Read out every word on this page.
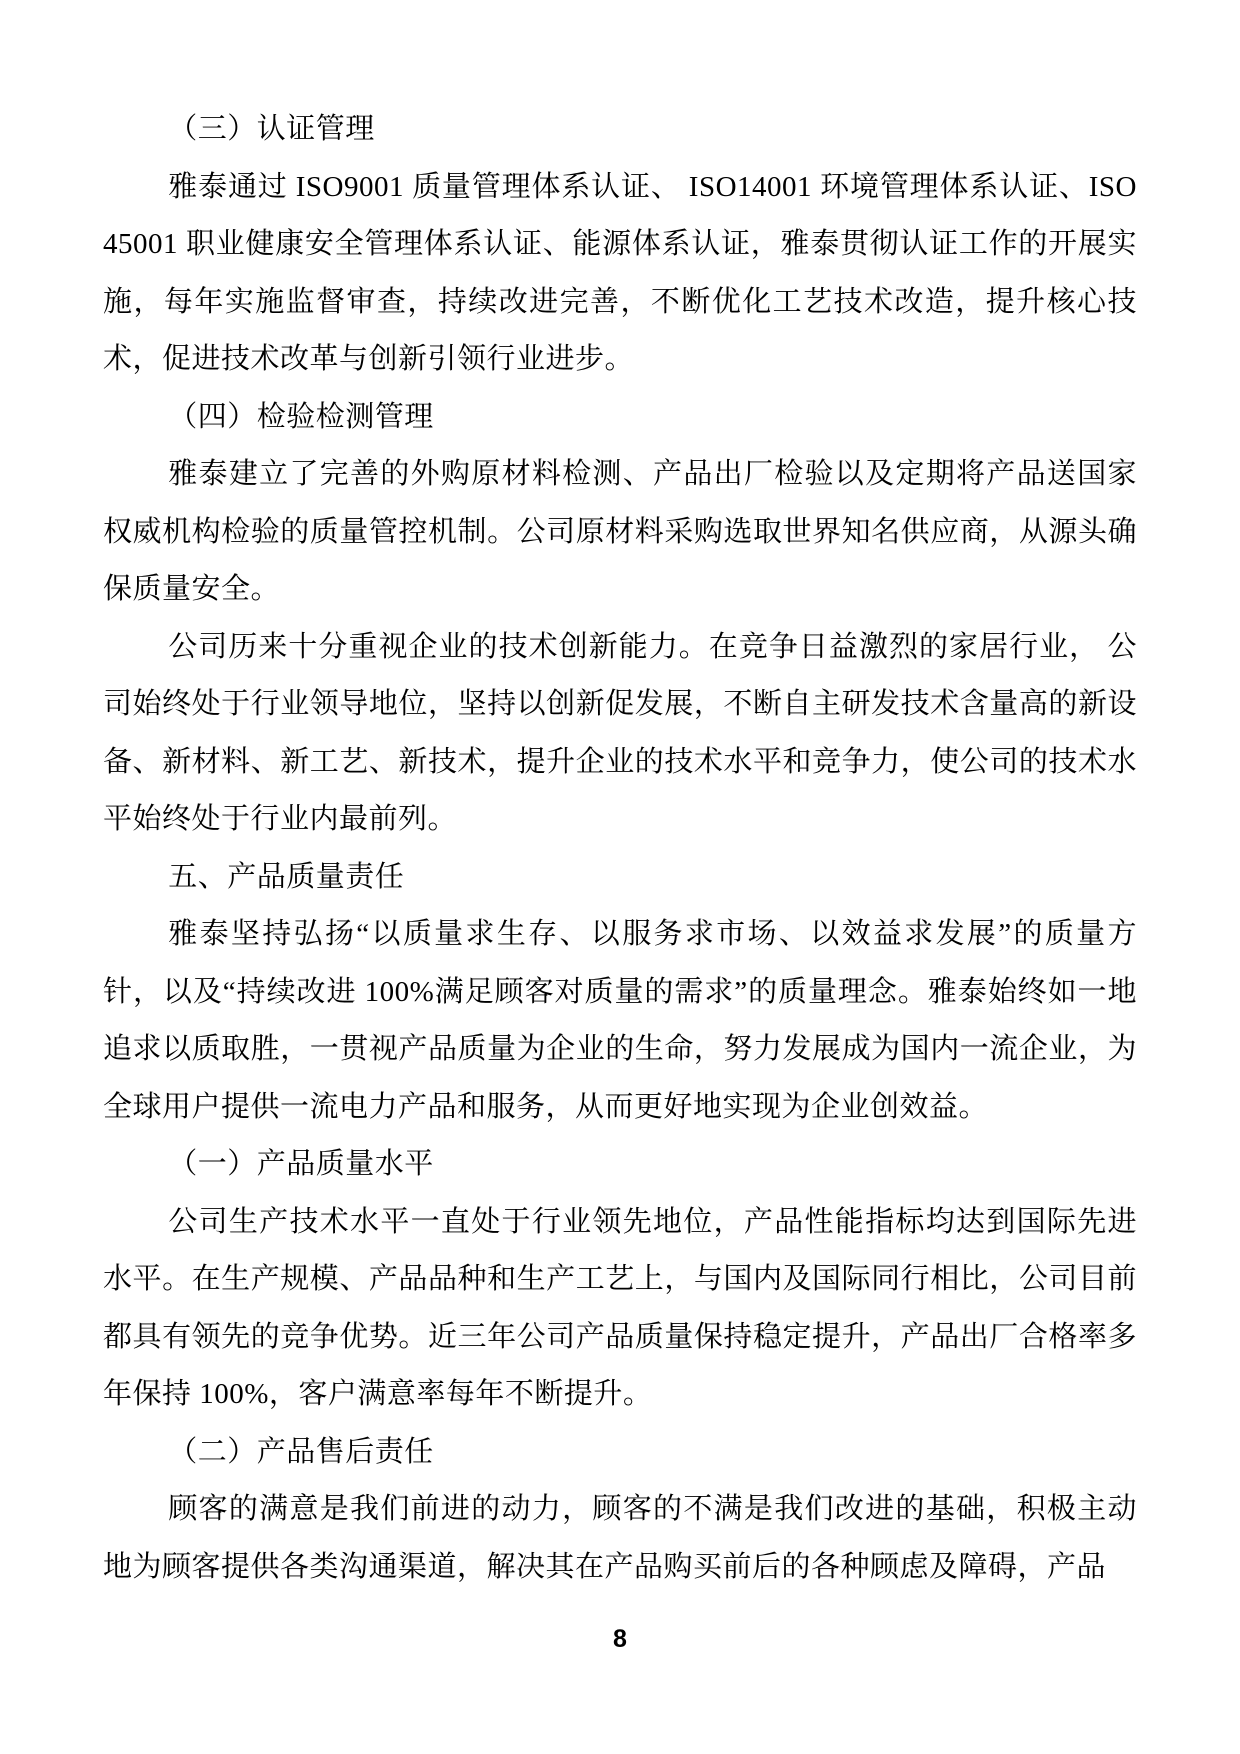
（三）认证管理

雅泰通过 ISO9001 质量管理体系认证、 ISO14001 环境管理体系认证、ISO45001 职业健康安全管理体系认证、能源体系认证，雅泰贯彻认证工作的开展实施，每年实施监督审查，持续改进完善，不断优化工艺技术改造，提升核心技术，促进技术改革与创新引领行业进步。

（四）检验检测管理

雅泰建立了完善的外购原材料检测、产品出厂检验以及定期将产品送国家权威机构检验的质量管控机制。公司原材料采购选取世界知名供应商，从源头确保质量安全。

公司历来十分重视企业的技术创新能力。在竞争日益激烈的家居行业， 公司始终处于行业领导地位，坚持以创新促发展，不断自主研发技术含量高的新设备、新材料、新工艺、新技术，提升企业的技术水平和竞争力，使公司的技术水平始终处于行业内最前列。

五、产品质量责任

雅泰坚持弘扬“以质量求生存、以服务求市场、以效益求发展”的质量方针，以及“持续改进 100%满足顾客对质量的需求”的质量理念。雅泰始终如一地追求以质取胜，一贯视产品质量为企业的生命，努力发展成为国内一流企业，为全球用户提供一流电力产品和服务，从而更好地实现为企业创效益。

（一）产品质量水平

公司生产技术水平一直处于行业领先地位，产品性能指标均达到国际先进水平。在生产规模、产品品种和生产工艺上，与国内及国际同行相比，公司目前都具有领先的竞争优势。近三年公司产品质量保持稳定提升，产品出厂合格率多年保持 100%，客户满意率每年不断提升。

（二）产品售后责任

顾客的满意是我们前进的动力，顾客的不满是我们改进的基础，积极主动地为顾客提供各类沟通渠道，解决其在产品购买前后的各种顾虑及障碍，产品

8
